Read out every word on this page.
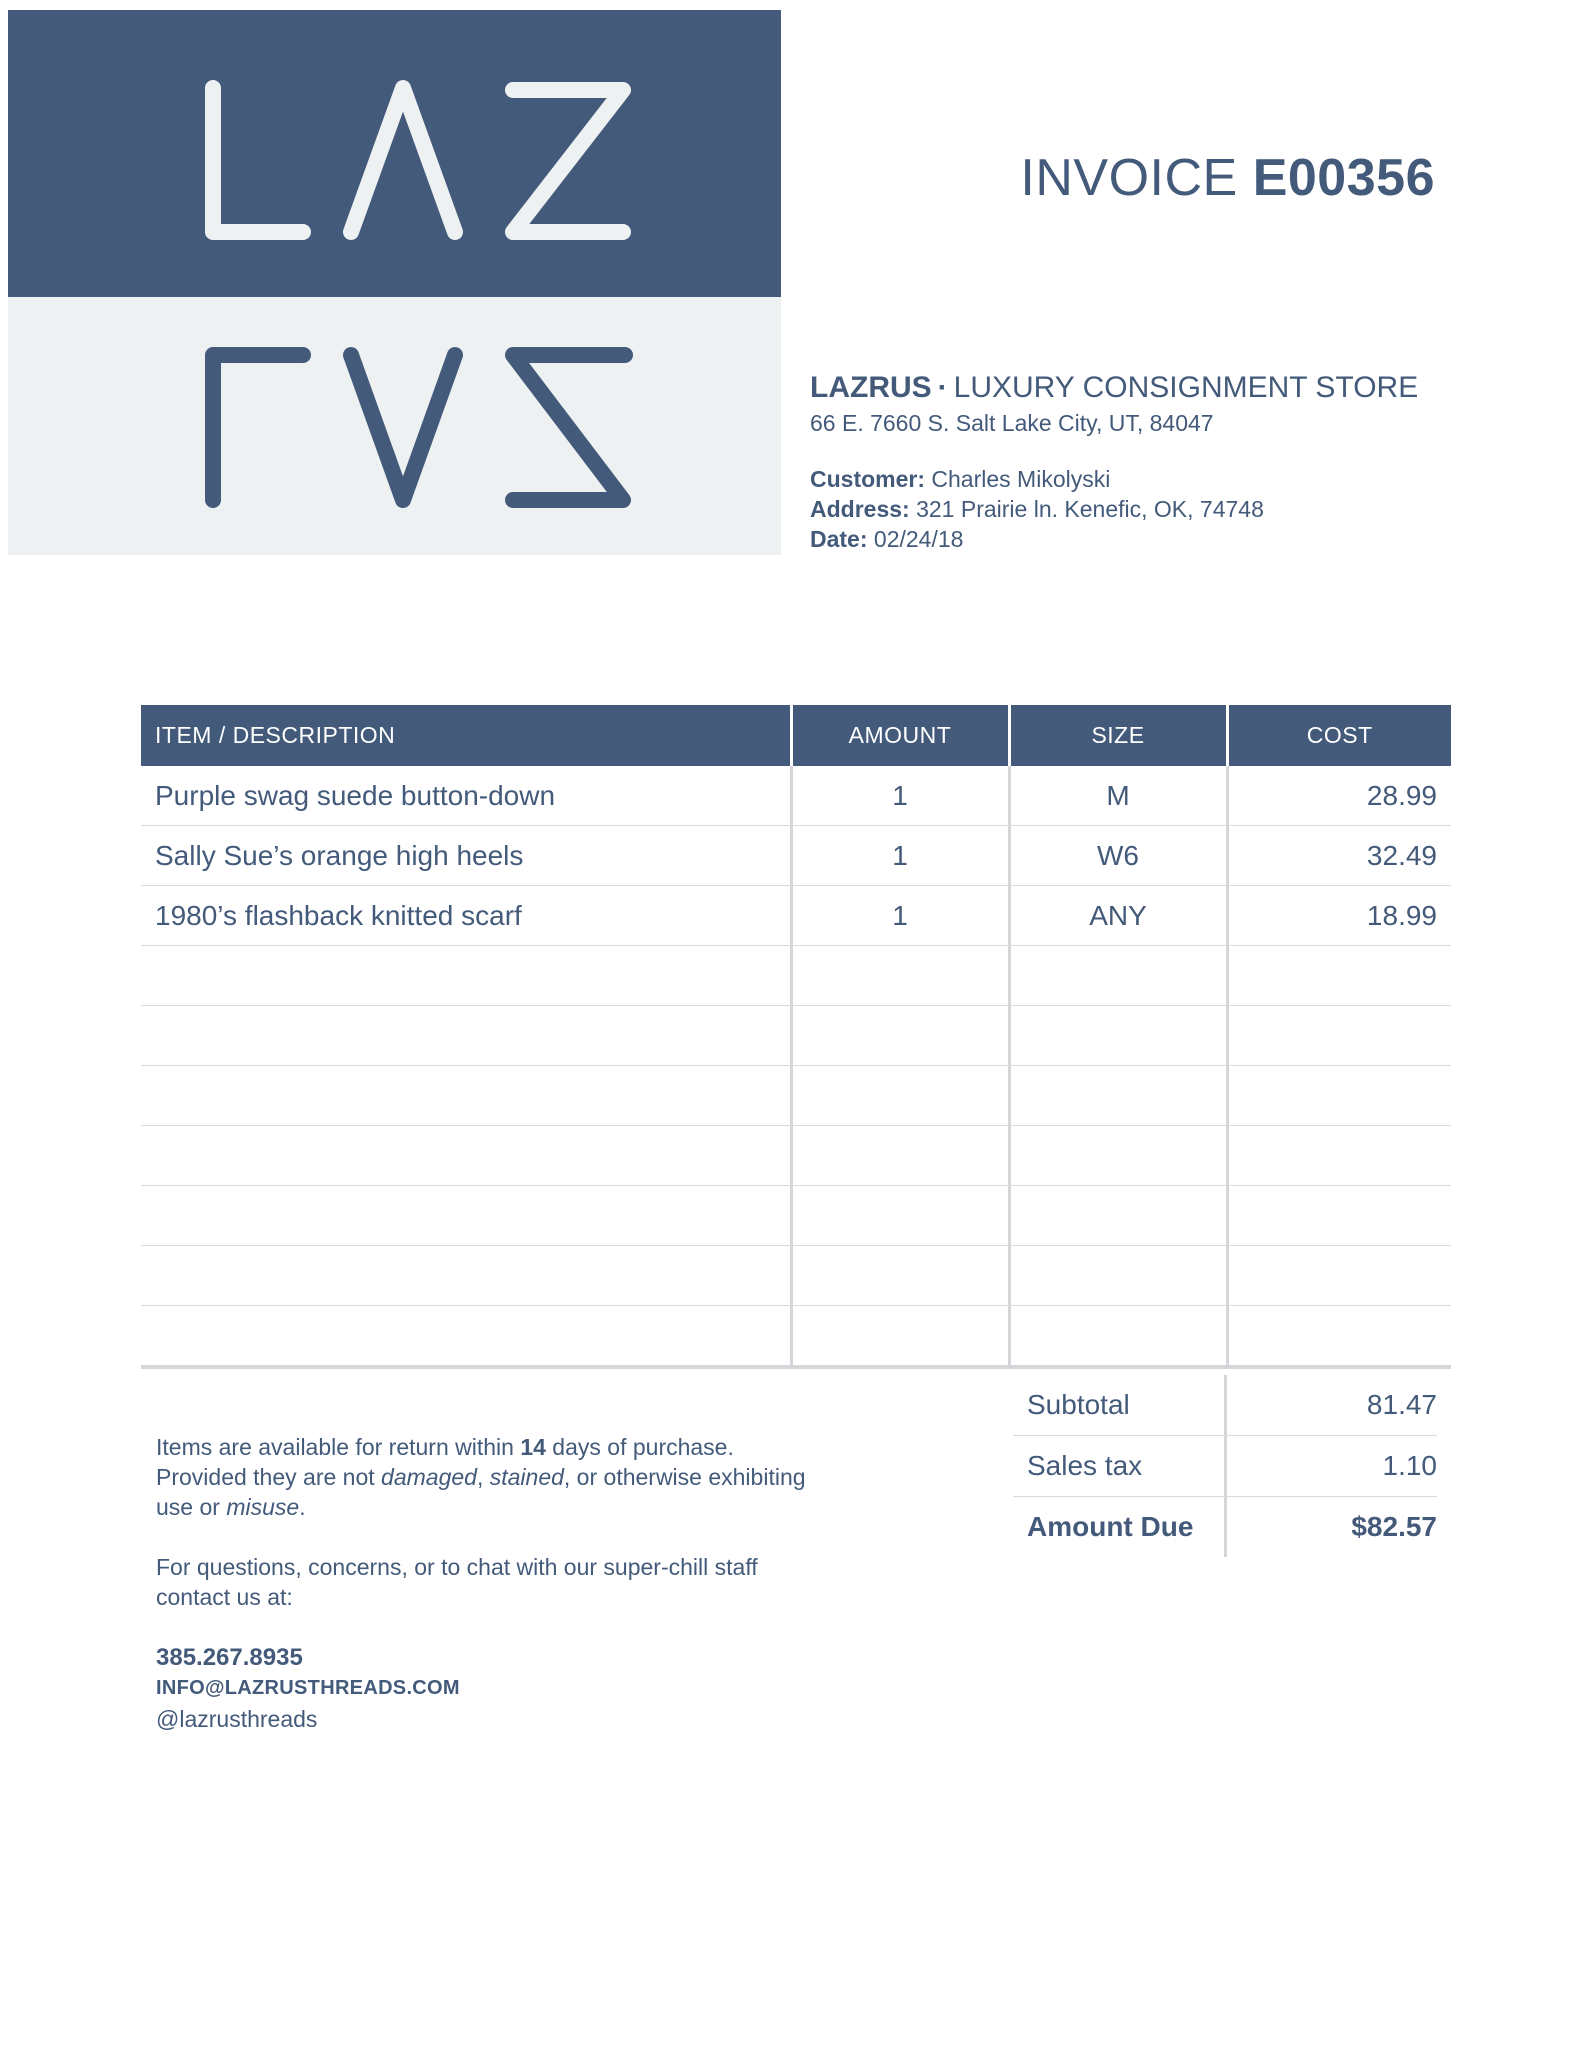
INVOICE E00356
LAZRUS · LUXURY CONSIGNMENT STORE
66 E. 7660 S. Salt Lake City, UT, 84047
Customer: Charles Mikolyski
Address: 321 Prairie ln. Kenefic, OK, 74748
Date: 02/24/18
ITEM / DESCRIPTION	AMOUNT	SIZE	COST
Purple swag suede button-down	1	M	28.99
Sally Sue’s orange high heels	1	W6	32.49
1980’s flashback knitted scarf	1	ANY	18.99

Subtotal	81.47
Sales tax	1.10
Amount Due	$82.57

Items are available for return within 14 days of purchase. Provided they are not damaged, stained, or otherwise exhibiting use or misuse.

For questions, concerns, or to chat with our super-chill staff contact us at:

385.267.8935
INFO@LAZRUSTHREADS.COM
@lazrusthreads
